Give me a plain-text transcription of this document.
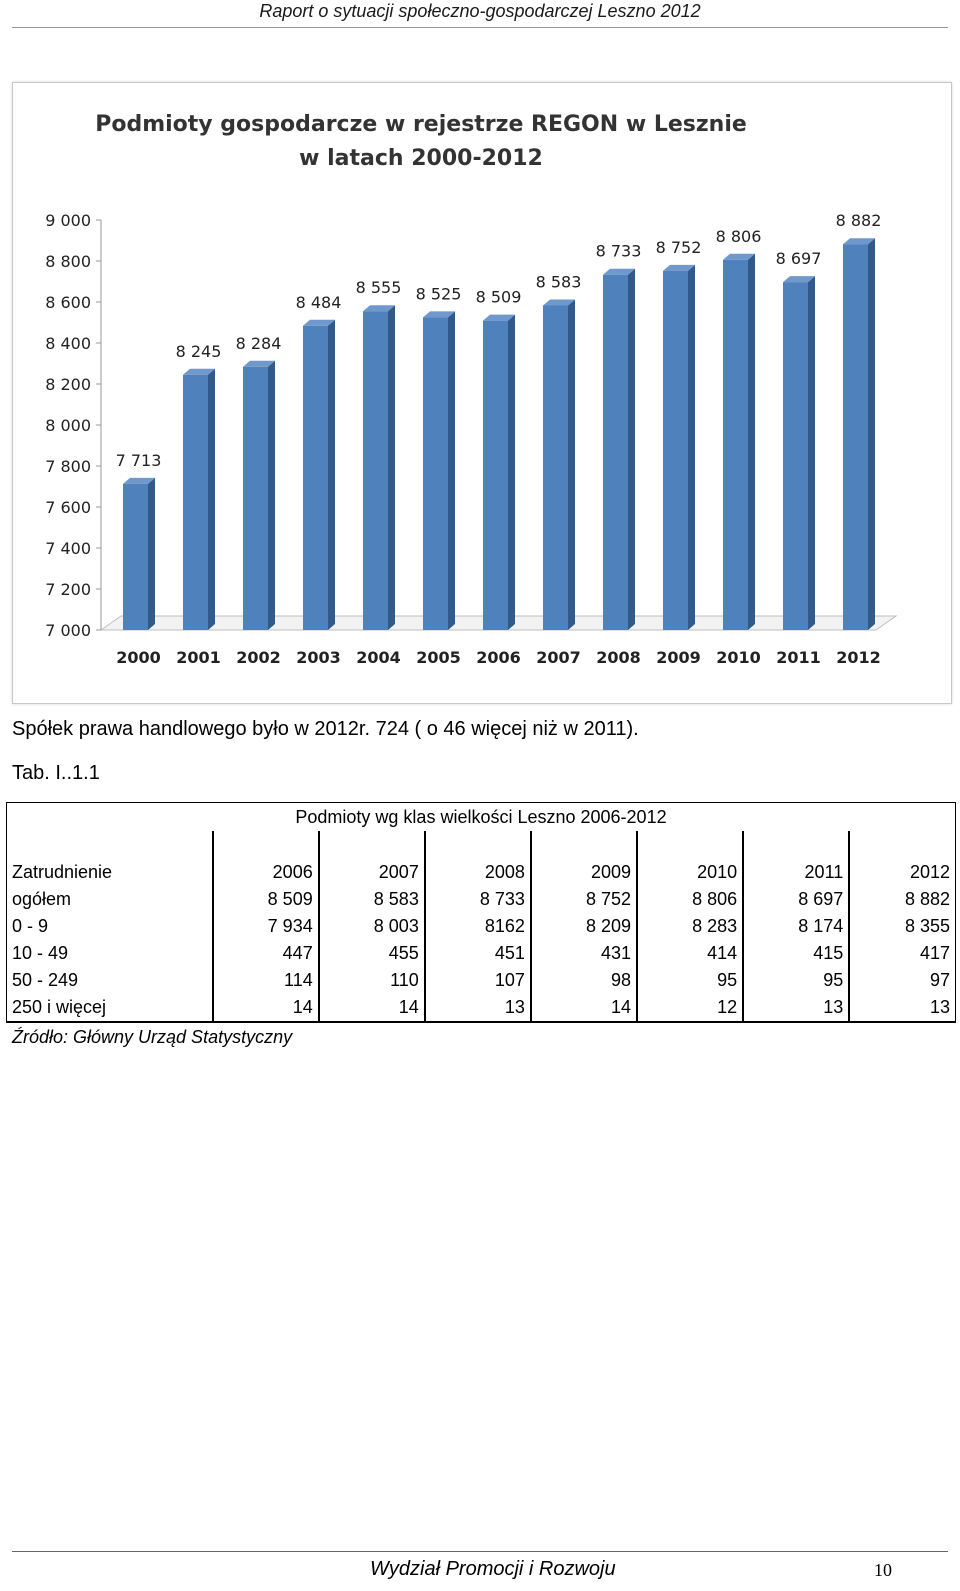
Raport o sytuacji społeczno-gospodarczej Leszno 2012
Podmioty gospodarcze w rejestrze REGON w Lesznie
w latach 2000-2012
7 000
7 200
7 400
7 600
7 800
8 000
8 200
8 400
8 600
8 800
9 000
7 713
2000
8 245
2001
8 284
2002
8 484
2003
8 555
2004
8 525
2005
8 509
2006
8 583
2007
8 733
2008
8 752
2009
8 806
2010
8 697
2011
8 882
2012
Spółek prawa handlowego było w 2012r. 724 ( o 46 więcej niż w 2011).
Tab. I..1.1
Podmioty wg klas wielkości Leszno 2006-2012							

Zatrudnienie	2006	2007	2008	2009	2010	2011	2012
ogółem	8 509	8 583	8 733	8 752	8 806	8 697	8 882
0 - 9	7 934	8 003	8162	8 209	8 283	8 174	8 355
10 - 49	447	455	451	431	414	415	417
50 - 249	114	110	107	98	95	95	97
250 i więcej	14	14	13	14	12	13	13
Źródło: Główny Urząd Statystyczny
Wydział Promocji i Rozwoju	10
